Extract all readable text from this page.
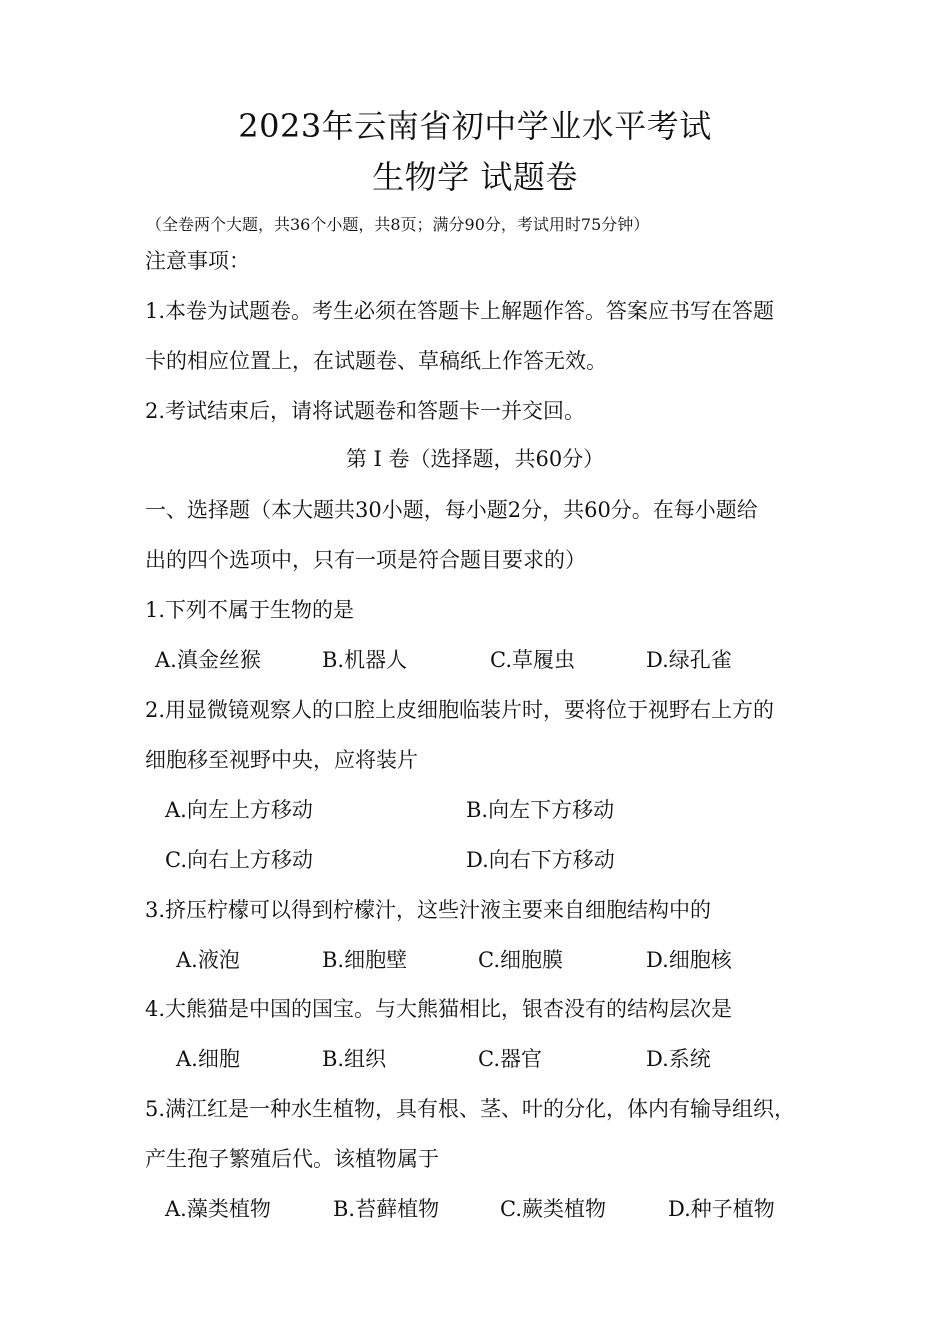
2023年云南省初中学业水平考试
生物学 试题卷
（全卷两个大题，共36个小题，共8页；满分90分，考试用时75分钟）
注意事项：
1.本卷为试题卷。考生必须在答题卡上解题作答。答案应书写在答题
卡的相应位置上，在试题卷、草稿纸上作答无效。
2.考试结束后，请将试题卷和答题卡一并交回。
第 I 卷（选择题，共60分）
一、选择题（本大题共30小题，每小题2分，共60分。在每小题给
出的四个选项中，只有一项是符合题目要求的）
1.下列不属于生物的是
A.滇金丝猴	B.机器人	C.草履虫	D.绿孔雀
2.用显微镜观察人的口腔上皮细胞临装片时，要将位于视野右上方的
细胞移至视野中央，应将装片
A.向左上方移动	B.向左下方移动
C.向右上方移动	D.向右下方移动
3.挤压柠檬可以得到柠檬汁，这些汁液主要来自细胞结构中的
A.液泡	B.细胞壁	C.细胞膜	D.细胞核
4.大熊猫是中国的国宝。与大熊猫相比，银杏没有的结构层次是
A.细胞	B.组织	C.器官	D.系统
5.满江红是一种水生植物，具有根、茎、叶的分化，体内有输导组织，
产生孢子繁殖后代。该植物属于
A.藻类植物	B.苔藓植物	C.蕨类植物	D.种子植物
